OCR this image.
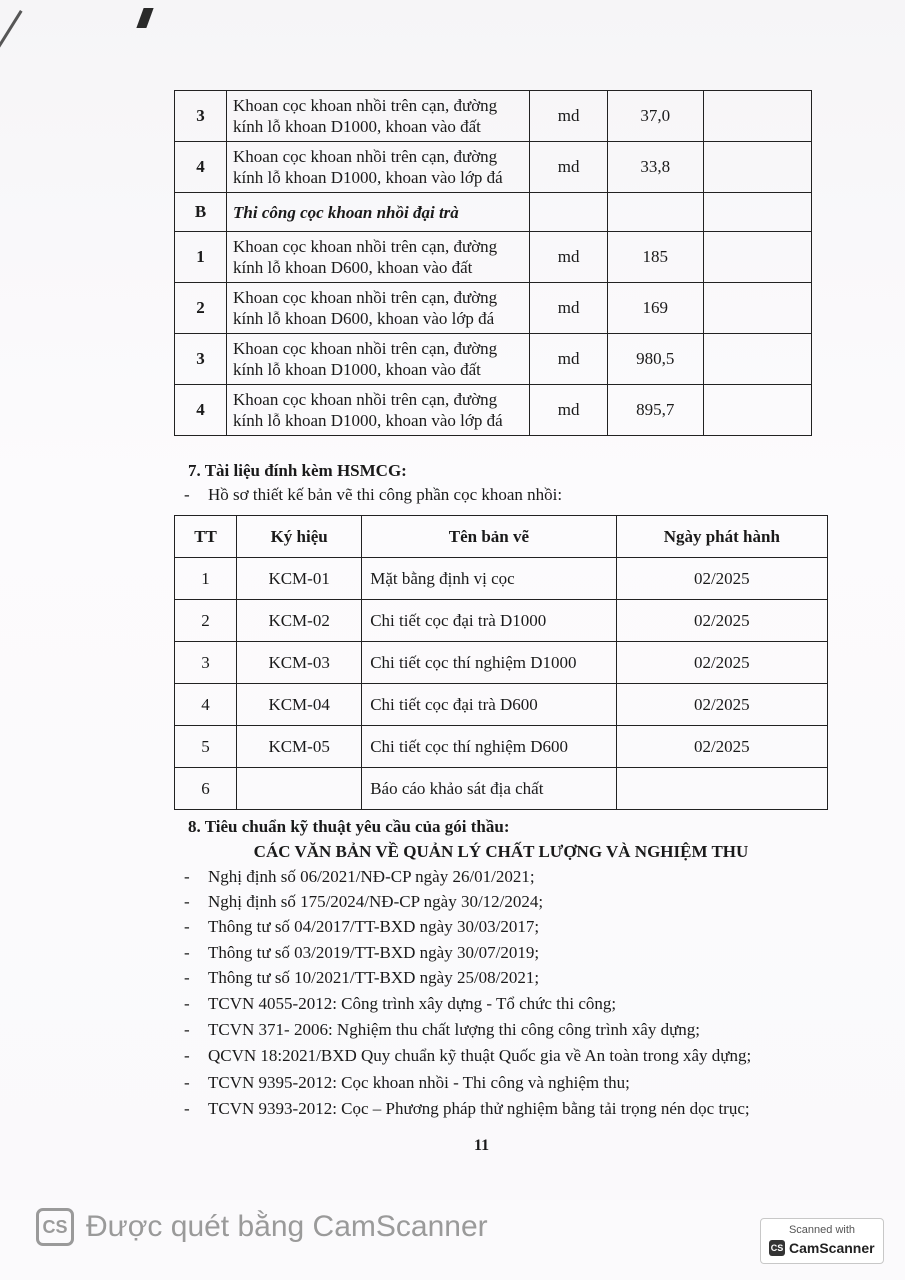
3	Khoan cọc khoan nhồi trên cạn, đường kính lỗ khoan D1000, khoan vào đất	md	37,0	
4	Khoan cọc khoan nhồi trên cạn, đường kính lỗ khoan D1000, khoan vào lớp đá	md	33,8	
B	Thi công cọc khoan nhồi đại trà			
1	Khoan cọc khoan nhồi trên cạn, đường kính lỗ khoan D600, khoan vào đất	md	185	
2	Khoan cọc khoan nhồi trên cạn, đường kính lỗ khoan D600, khoan vào lớp đá	md	169	
3	Khoan cọc khoan nhồi trên cạn, đường kính lỗ khoan D1000, khoan vào đất	md	980,5	
4	Khoan cọc khoan nhồi trên cạn, đường kính lỗ khoan D1000, khoan vào lớp đá	md	895,7	
7. Tài liệu đính kèm HSMCG:
- Hồ sơ thiết kế bản vẽ thi công phần cọc khoan nhồi:
TT	Ký hiệu	Tên bản vẽ	Ngày phát hành
1	KCM-01	Mặt bằng định vị cọc	02/2025
2	KCM-02	Chi tiết cọc đại trà D1000	02/2025
3	KCM-03	Chi tiết cọc thí nghiệm D1000	02/2025
4	KCM-04	Chi tiết cọc đại trà D600	02/2025
5	KCM-05	Chi tiết cọc thí nghiệm D600	02/2025
6		Báo cáo khảo sát địa chất	
8. Tiêu chuẩn kỹ thuật yêu cầu của gói thầu:
CÁC VĂN BẢN VỀ QUẢN LÝ CHẤT LƯỢNG VÀ NGHIỆM THU
- Nghị định số 06/2021/NĐ-CP ngày 26/01/2021;
- Nghị định số 175/2024/NĐ-CP ngày 30/12/2024;
- Thông tư số 04/2017/TT-BXD ngày 30/03/2017;
- Thông tư số 03/2019/TT-BXD ngày 30/07/2019;
- Thông tư số 10/2021/TT-BXD ngày 25/08/2021;
- TCVN 4055-2012: Công trình xây dựng - Tổ chức thi công;
- TCVN 371- 2006: Nghiệm thu chất lượng thi công công trình xây dựng;
- QCVN 18:2021/BXD Quy chuẩn kỹ thuật Quốc gia về An toàn trong xây dựng;
- TCVN 9395-2012: Cọc khoan nhồi - Thi công và nghiệm thu;
- TCVN 9393-2012: Cọc – Phương pháp thử nghiệm bằng tải trọng nén dọc trục;
11
CS Được quét bằng CamScanner	Scanned with
CS CamScanner
